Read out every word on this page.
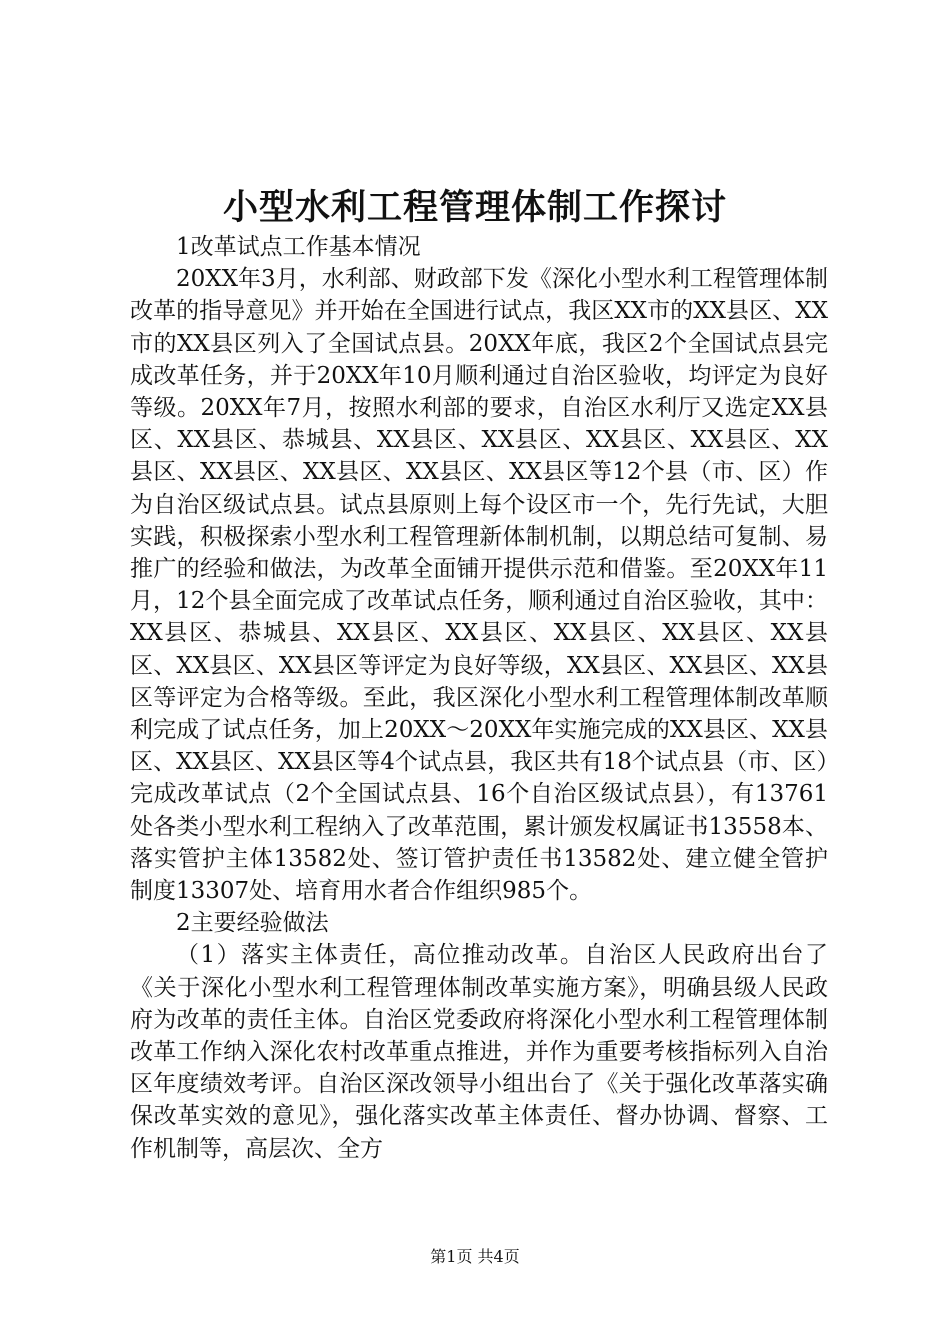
小型水利工程管理体制工作探讨

1改革试点工作基本情况

20XX年3月，水利部、财政部下发《深化小型水利工程管理体制改革的指导意见》并开始在全国进行试点，我区XX市的XX县区、XX市的XX县区列入了全国试点县。20XX年底，我区2个全国试点县完成改革任务，并于20XX年10月顺利通过自治区验收，均评定为良好等级。20XX年7月，按照水利部的要求，自治区水利厅又选定XX县区、XX县区、恭城县、XX县区、XX县区、XX县区、XX县区、XX县区、XX县区、XX县区、XX县区、XX县区等12个县（市、区）作为自治区级试点县。试点县原则上每个设区市一个，先行先试，大胆实践，积极探索小型水利工程管理新体制机制，以期总结可复制、易推广的经验和做法，为改革全面铺开提供示范和借鉴。至20XX年11月，12个县全面完成了改革试点任务，顺利通过自治区验收，其中：XX县区、恭城县、XX县区、XX县区、XX县区、XX县区、XX县区、XX县区、XX县区等评定为良好等级，XX县区、XX县区、XX县区等评定为合格等级。至此，我区深化小型水利工程管理体制改革顺利完成了试点任务，加上20XX～20XX年实施完成的XX县区、XX县区、XX县区、XX县区等4个试点县，我区共有18个试点县（市、区）完成改革试点（2个全国试点县、16个自治区级试点县），有13761处各类小型水利工程纳入了改革范围，累计颁发权属证书13558本、落实管护主体13582处、签订管护责任书13582处、建立健全管护制度13307处、培育用水者合作组织985个。

2主要经验做法

（1）落实主体责任，高位推动改革。自治区人民政府出台了《关于深化小型水利工程管理体制改革实施方案》，明确县级人民政府为改革的责任主体。自治区党委政府将深化小型水利工程管理体制改革工作纳入深化农村改革重点推进，并作为重要考核指标列入自治区年度绩效考评。自治区深改领导小组出台了《关于强化改革落实确保改革实效的意见》，强化落实改革主体责任、督办协调、督察、工作机制等，高层次、全方

第1页 共4页
